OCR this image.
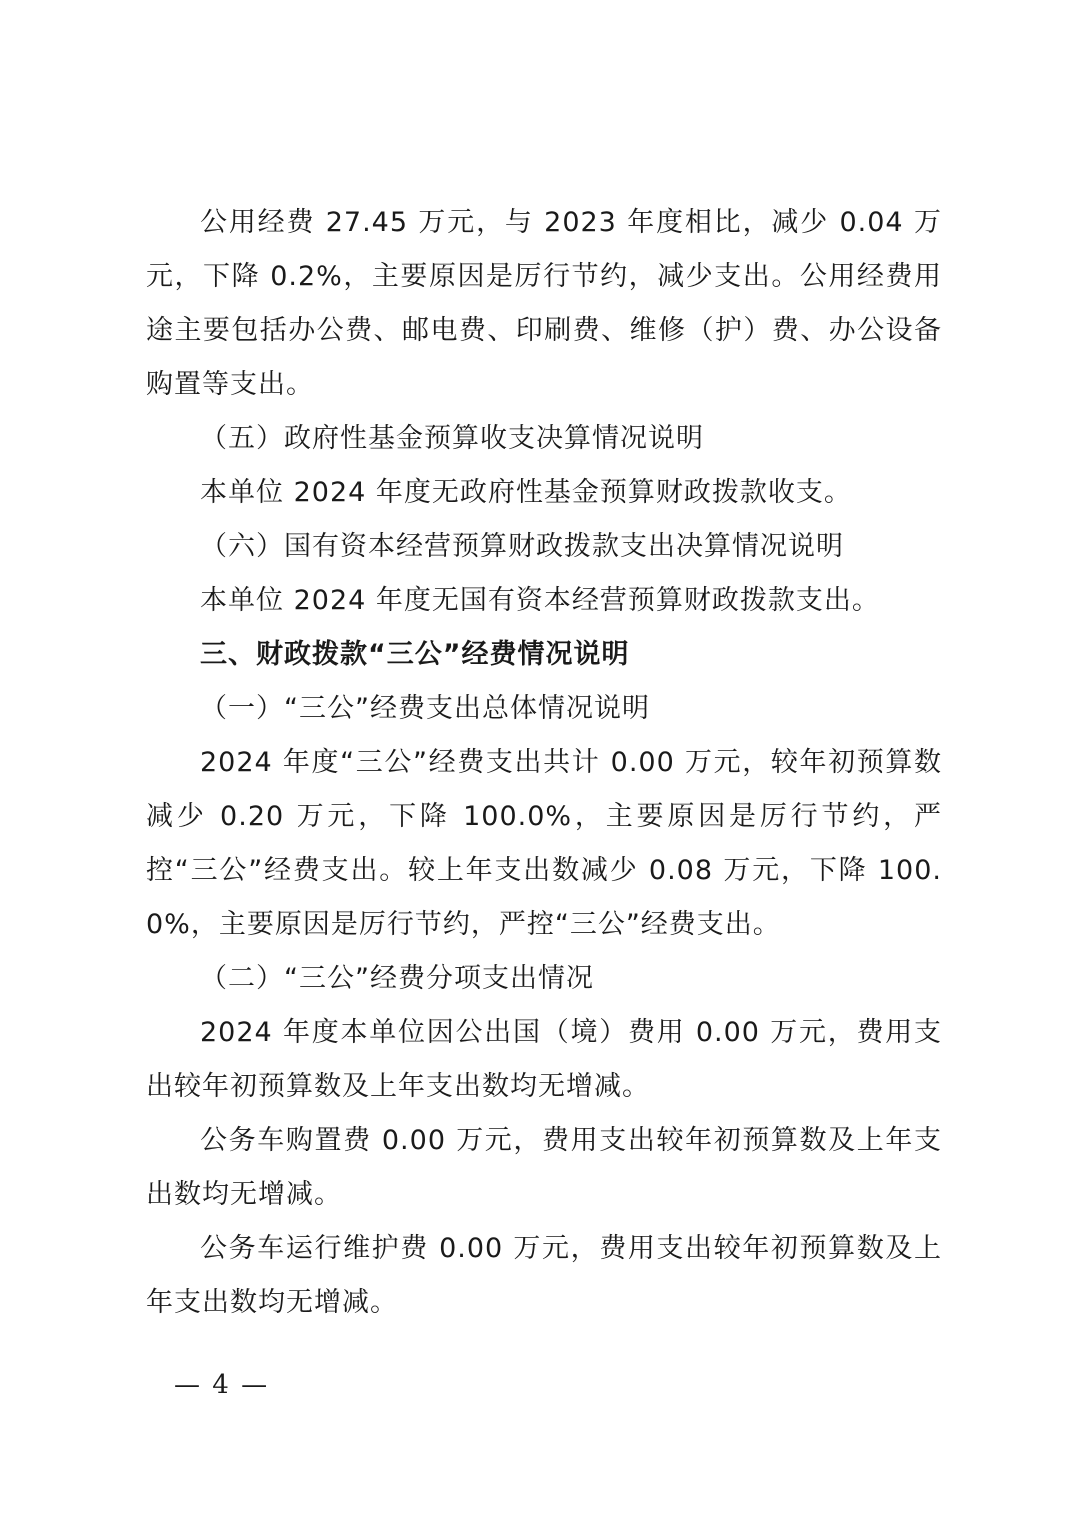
公用经费 27.45 万元，与 2023 年度相比，减少 0.04 万元，下降 0.2%，主要原因是厉行节约，减少支出。公用经费用途主要包括办公费、邮电费、印刷费、维修（护）费、办公设备购置等支出。

（五）政府性基金预算收支决算情况说明

本单位 2024 年度无政府性基金预算财政拨款收支。

（六）国有资本经营预算财政拨款支出决算情况说明

本单位 2024 年度无国有资本经营预算财政拨款支出。

三、财政拨款“三公”经费情况说明

（一）“三公”经费支出总体情况说明

2024 年度“三公”经费支出共计 0.00 万元，较年初预算数减少 0.20 万元，下降 100.0%，主要原因是厉行节约，严控“三公”经费支出。较上年支出数减少 0.08 万元，下降 100.0%，主要原因是厉行节约，严控“三公”经费支出。

（二）“三公”经费分项支出情况

2024 年度本单位因公出国（境）费用 0.00 万元，费用支出较年初预算数及上年支出数均无增减。

公务车购置费 0.00 万元，费用支出较年初预算数及上年支出数均无增减。

公务车运行维护费 0.00 万元，费用支出较年初预算数及上年支出数均无增减。

— 4 —
